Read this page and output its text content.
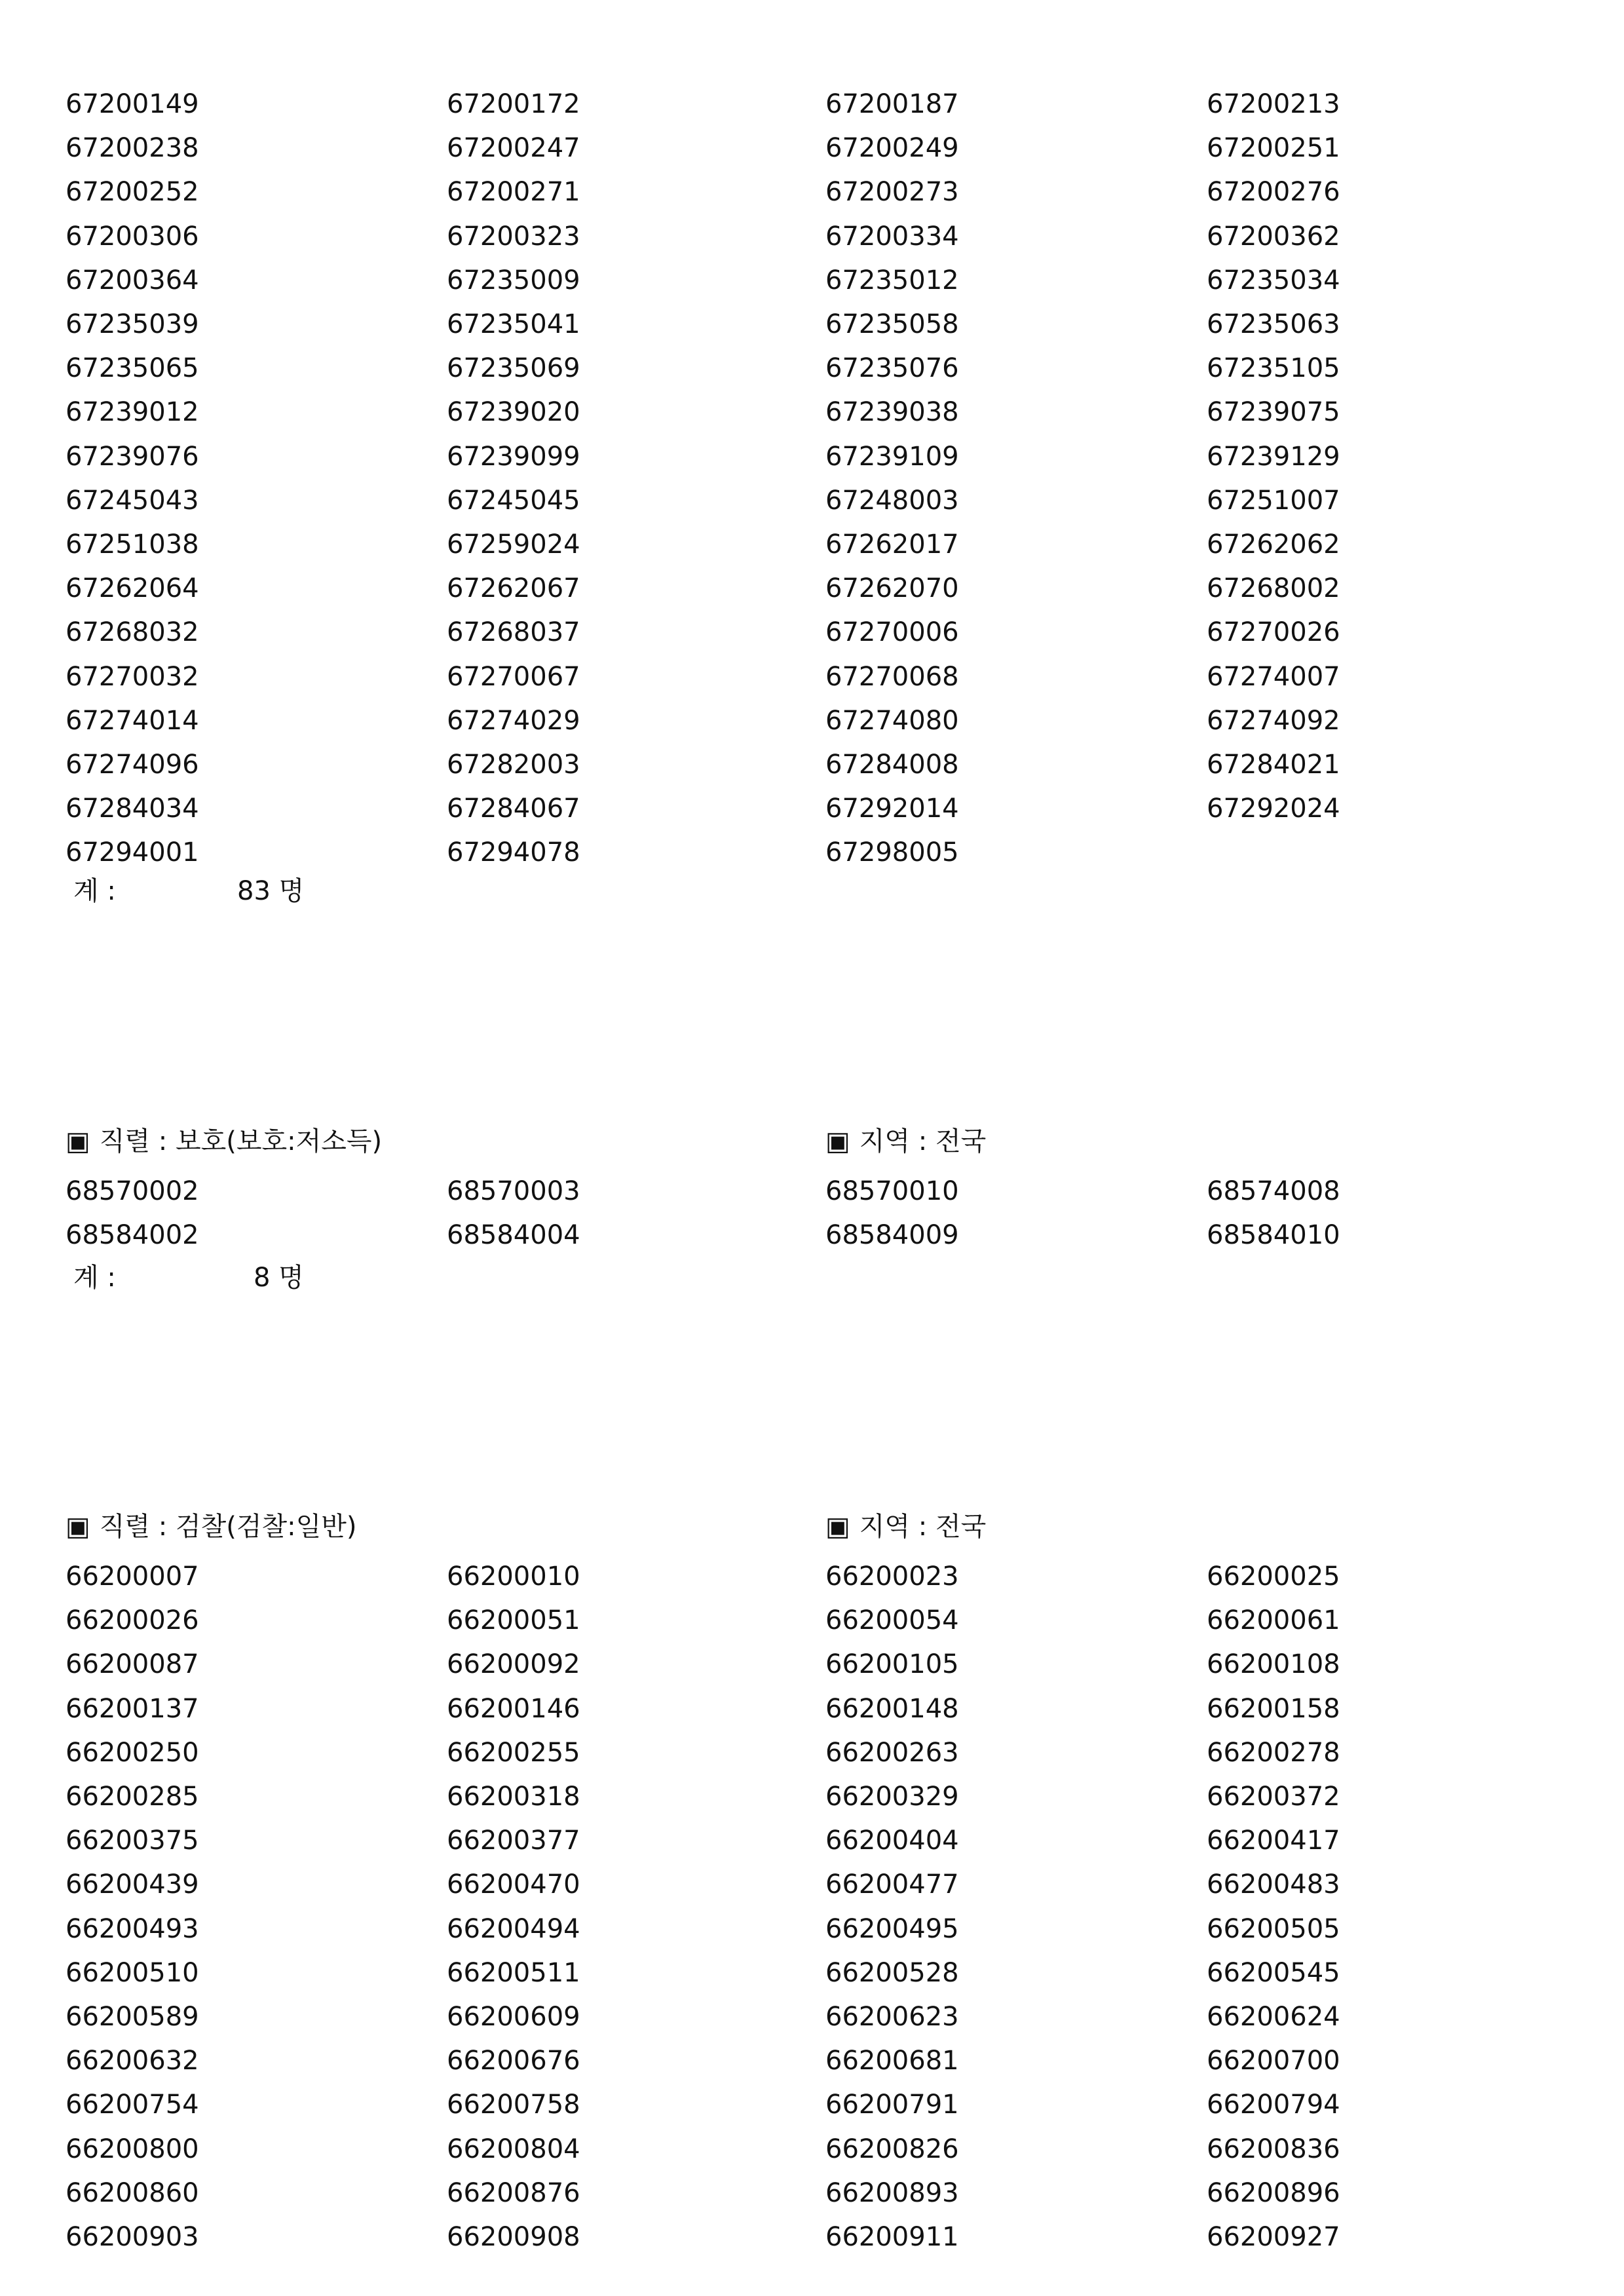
67200149	67200172	67200187	67200213
67200238	67200247	67200249	67200251
67200252	67200271	67200273	67200276
67200306	67200323	67200334	67200362
67200364	67235009	67235012	67235034
67235039	67235041	67235058	67235063
67235065	67235069	67235076	67235105
67239012	67239020	67239038	67239075
67239076	67239099	67239109	67239129
67245043	67245045	67248003	67251007
67251038	67259024	67262017	67262062
67262064	67262067	67262070	67268002
67268032	67268037	67270006	67270026
67270032	67270067	67270068	67274007
67274014	67274029	67274080	67274092
67274096	67282003	67284008	67284021
67284034	67284067	67292014	67292024
67294001	67294078	67298005
계 :	83 명
▣ 직렬 : 보호(보호:저소득)	▣ 지역 : 전국
68570002	68570003	68570010	68574008
68584002	68584004	68584009	68584010
계 :	8 명
▣ 직렬 : 검찰(검찰:일반)	▣ 지역 : 전국
66200007	66200010	66200023	66200025
66200026	66200051	66200054	66200061
66200087	66200092	66200105	66200108
66200137	66200146	66200148	66200158
66200250	66200255	66200263	66200278
66200285	66200318	66200329	66200372
66200375	66200377	66200404	66200417
66200439	66200470	66200477	66200483
66200493	66200494	66200495	66200505
66200510	66200511	66200528	66200545
66200589	66200609	66200623	66200624
66200632	66200676	66200681	66200700
66200754	66200758	66200791	66200794
66200800	66200804	66200826	66200836
66200860	66200876	66200893	66200896
66200903	66200908	66200911	66200927
